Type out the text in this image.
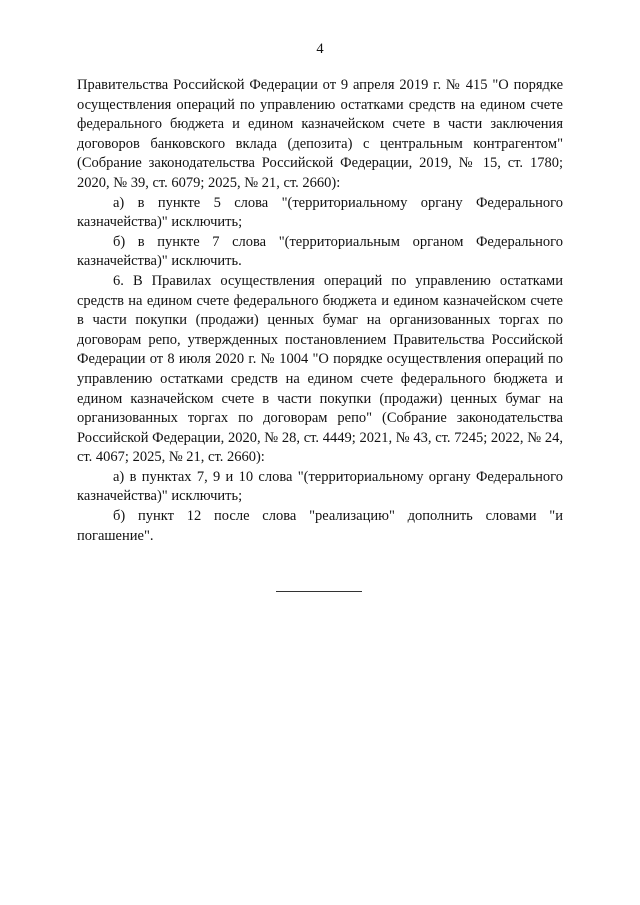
4

Правительства Российской Федерации от 9 апреля 2019 г. № 415 "О порядке осуществления операций по управлению остатками средств на едином счете федерального бюджета и едином казначейском счете в части заключения договоров банковского вклада (депозита) с центральным контрагентом" (Собрание законодательства Российской Федерации, 2019, № 15, ст. 1780; 2020, № 39, ст. 6079; 2025, № 21, ст. 2660):

а) в пункте 5 слова "(территориальному органу Федерального казначейства)" исключить;

б) в пункте 7 слова "(территориальным органом Федерального казначейства)" исключить.

6. В Правилах осуществления операций по управлению остатками средств на едином счете федерального бюджета и едином казначейском счете в части покупки (продажи) ценных бумаг на организованных торгах по договорам репо, утвержденных постановлением Правительства Российской Федерации от 8 июля 2020 г. № 1004 "О порядке осуществления операций по управлению остатками средств на едином счете федерального бюджета и едином казначейском счете в части покупки (продажи) ценных бумаг на организованных торгах по договорам репо" (Собрание законодательства Российской Федерации, 2020, № 28, ст. 4449; 2021, № 43, ст. 7245; 2022, № 24, ст. 4067; 2025, № 21, ст. 2660):

а) в пунктах 7, 9 и 10 слова "(территориальному органу Федерального казначейства)" исключить;

б) пункт 12 после слова "реализацию" дополнить словами "и погашение".
